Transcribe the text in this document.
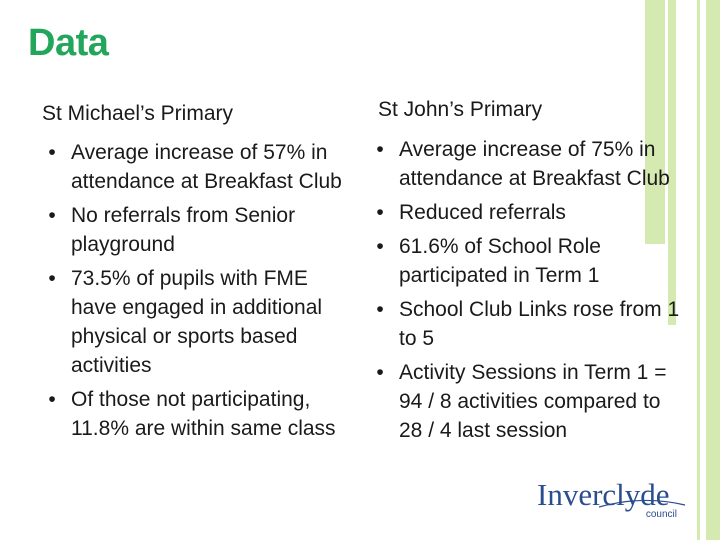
Data
St Michael’s Primary
• Average increase of 57% in attendance at Breakfast Club
• No referrals from Senior playground
• 73.5% of pupils with FME have engaged in additional physical or sports based activities
• Of those not participating, 11.8% are within same class
St John’s Primary
• Average increase of 75% in attendance at Breakfast Club
• Reduced referrals
• 61.6% of School Role participated in Term 1
• School Club Links rose from 1 to 5
• Activity Sessions in Term 1 = 94 / 8 activities compared to 28 / 4 last session
Inverclyde
council
